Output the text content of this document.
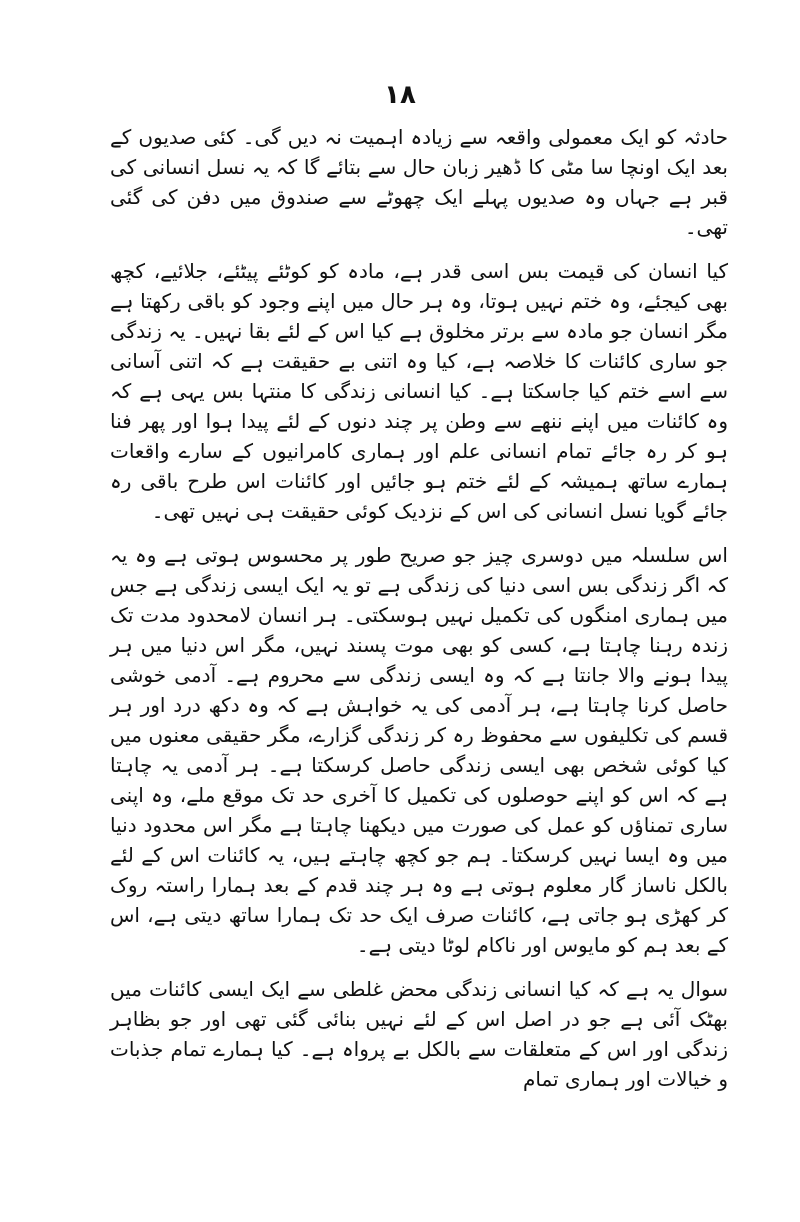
۱۸

حادثہ کو ایک معمولی واقعہ سے زیادہ اہمیت نہ دیں گی۔ کئی صدیوں کے بعد ایک اونچا سا مٹی کا ڈھیر زبان حال سے بتائے گا کہ یہ نسل انسانی کی قبر ہے جہاں وہ صدیوں پہلے ایک چھوٹے سے صندوق میں دفن کی گئی تھی۔

کیا انسان کی قیمت بس اسی قدر ہے، مادہ کو کوٹئے پیٹئے، جلائیے، کچھ بھی کیجئے، وہ ختم نہیں ہوتا، وہ ہر حال میں اپنے وجود کو باقی رکھتا ہے مگر انسان جو مادہ سے برتر مخلوق ہے کیا اس کے لئے بقا نہیں۔ یہ زندگی جو ساری کائنات کا خلاصہ ہے، کیا وہ اتنی بے حقیقت ہے کہ اتنی آسانی سے اسے ختم کیا جاسکتا ہے۔ کیا انسانی زندگی کا منتہا بس یہی ہے کہ وہ کائنات میں اپنے ننھے سے وطن پر چند دنوں کے لئے پیدا ہوا اور پھر فنا ہو کر رہ جائے تمام انسانی علم اور ہماری کامرانیوں کے سارے واقعات ہمارے ساتھ ہمیشہ کے لئے ختم ہو جائیں اور کائنات اس طرح باقی رہ جائے گویا نسل انسانی کی اس کے نزدیک کوئی حقیقت ہی نہیں تھی۔

اس سلسلہ میں دوسری چیز جو صریح طور پر محسوس ہوتی ہے وہ یہ کہ اگر زندگی بس اسی دنیا کی زندگی ہے تو یہ ایک ایسی زندگی ہے جس میں ہماری امنگوں کی تکمیل نہیں ہوسکتی۔ ہر انسان لامحدود مدت تک زندہ رہنا چاہتا ہے، کسی کو بھی موت پسند نہیں، مگر اس دنیا میں ہر پیدا ہونے والا جانتا ہے کہ وہ ایسی زندگی سے محروم ہے۔ آدمی خوشی حاصل کرنا چاہتا ہے، ہر آدمی کی یہ خواہش ہے کہ وہ دکھ درد اور ہر قسم کی تکلیفوں سے محفوظ رہ کر زندگی گزارے، مگر حقیقی معنوں میں کیا کوئی شخص بھی ایسی زندگی حاصل کرسکتا ہے۔ ہر آدمی یہ چاہتا ہے کہ اس کو اپنے حوصلوں کی تکمیل کا آخری حد تک موقع ملے، وہ اپنی ساری تمناؤں کو عمل کی صورت میں دیکھنا چاہتا ہے مگر اس محدود دنیا میں وہ ایسا نہیں کرسکتا۔ ہم جو کچھ چاہتے ہیں، یہ کائنات اس کے لئے بالکل ناساز گار معلوم ہوتی ہے وہ ہر چند قدم کے بعد ہمارا راستہ روک کر کھڑی ہو جاتی ہے، کائنات صرف ایک حد تک ہمارا ساتھ دیتی ہے، اس کے بعد ہم کو مایوس اور ناکام لوٹا دیتی ہے۔

سوال یہ ہے کہ کیا انسانی زندگی محض غلطی سے ایک ایسی کائنات میں بھٹک آئی ہے جو در اصل اس کے لئے نہیں بنائی گئی تھی اور جو بظاہر زندگی اور اس کے متعلقات سے بالکل بے پرواہ ہے۔ کیا ہمارے تمام جذبات و خیالات اور ہماری تمام
